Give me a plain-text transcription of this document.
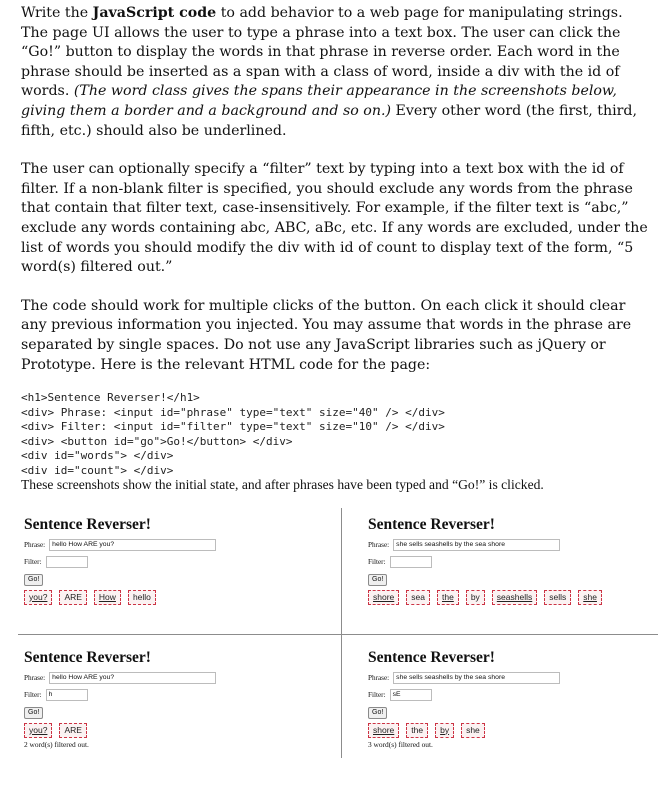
Write the JavaScript code to add behavior to a web page for manipulating strings. The page UI allows the user to type a phrase into a text box. The user can click the “Go!” button to display the words in that phrase in reverse order. Each word in the phrase should be inserted as a span with a class of word, inside a div with the id of words. (The word class gives the spans their appearance in the screenshots below, giving them a border and a background and so on.) Every other word (the first, third, fifth, etc.) should also be underlined.

The user can optionally specify a “filter” text by typing into a text box with the id of filter. If a non-blank filter is specified, you should exclude any words from the phrase that contain that filter text, case-insensitively. For example, if the filter text is “abc,” exclude any words containing abc, ABC, aBc, etc. If any words are excluded, under the list of words you should modify the div with id of count to display text of the form, “5 word(s) filtered out.”

The code should work for multiple clicks of the button. On each click it should clear any previous information you injected. You may assume that words in the phrase are separated by single spaces. Do not use any JavaScript libraries such as jQuery or Prototype. Here is the relevant HTML code for the page:

<h1>Sentence Reverser!</h1>
<div> Phrase: <input id="phrase" type="text" size="40" /> </div>
<div> Filter: <input id="filter" type="text" size="10" /> </div>
<div> <button id="go">Go!</button> </div>
<div id="words"> </div>
<div id="count"> </div>
These screenshots show the initial state, and after phrases have been typed and “Go!” is clicked.
Sentence Reverser!
Phrase:	hello How ARE you?
Filter:
Go!
you?	ARE	How	hello
Sentence Reverser!
Phrase:	she sells seashells by the sea shore
Filter:
Go!
shore	sea	the	by	seashells	sells	she
Sentence Reverser!
Phrase:	hello How ARE you?
Filter:	h
Go!
you?	ARE
2 word(s) filtered out.
Sentence Reverser!
Phrase:	she sells seashells by the sea shore
Filter:	sE
Go!
shore	the	by	she
3 word(s) filtered out.
